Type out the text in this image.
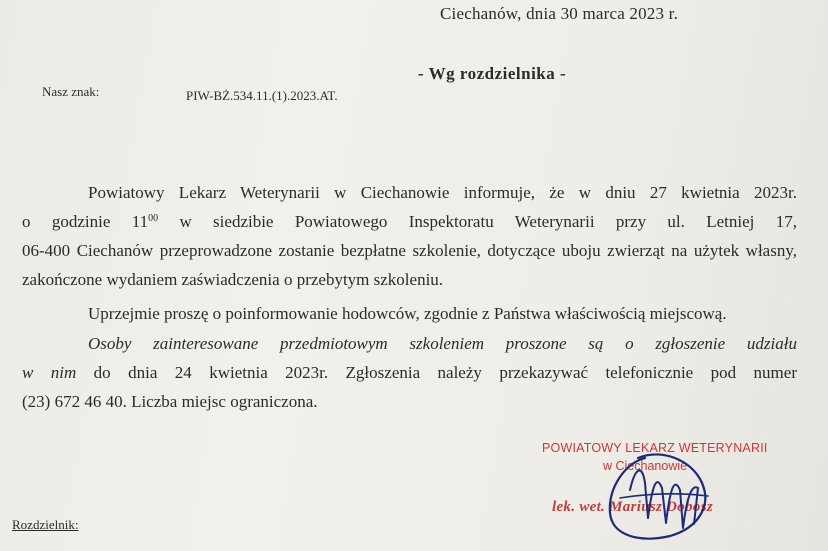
Ciechanów, dnia 30 marca 2023 r.
- Wg rozdzielnika -
Nasz znak:	PIW-BŻ.534.11.(1).2023.AT.
Powiatowy Lekarz Weterynarii w Ciechanowie informuje, że w dniu 27 kwietnia 2023r.
o godzinie $11^{00}$ w siedzibie Powiatowego Inspektoratu Weterynarii przy ul. Letniej 17,
06-400 Ciechanów przeprowadzone zostanie bezpłatne szkolenie, dotyczące uboju zwierząt na użytek własny,
zakończone wydaniem zaświadczenia o przebytym szkoleniu.
Uprzejmie proszę o poinformowanie hodowców, zgodnie z Państwa właściwością miejscową.
Osoby zainteresowane przedmiotowym szkoleniem proszone są o zgłoszenie udziału
w nim do dnia 24 kwietnia 2023r. Zgłoszenia należy przekazywać telefonicznie pod numer
(23) 672 46 40. Liczba miejsc ograniczona.
POWIATOWY LEKARZ WETERYNARII
w Ciechanowie
lek. wet. Mariusz Dobosz
Rozdzielnik:
